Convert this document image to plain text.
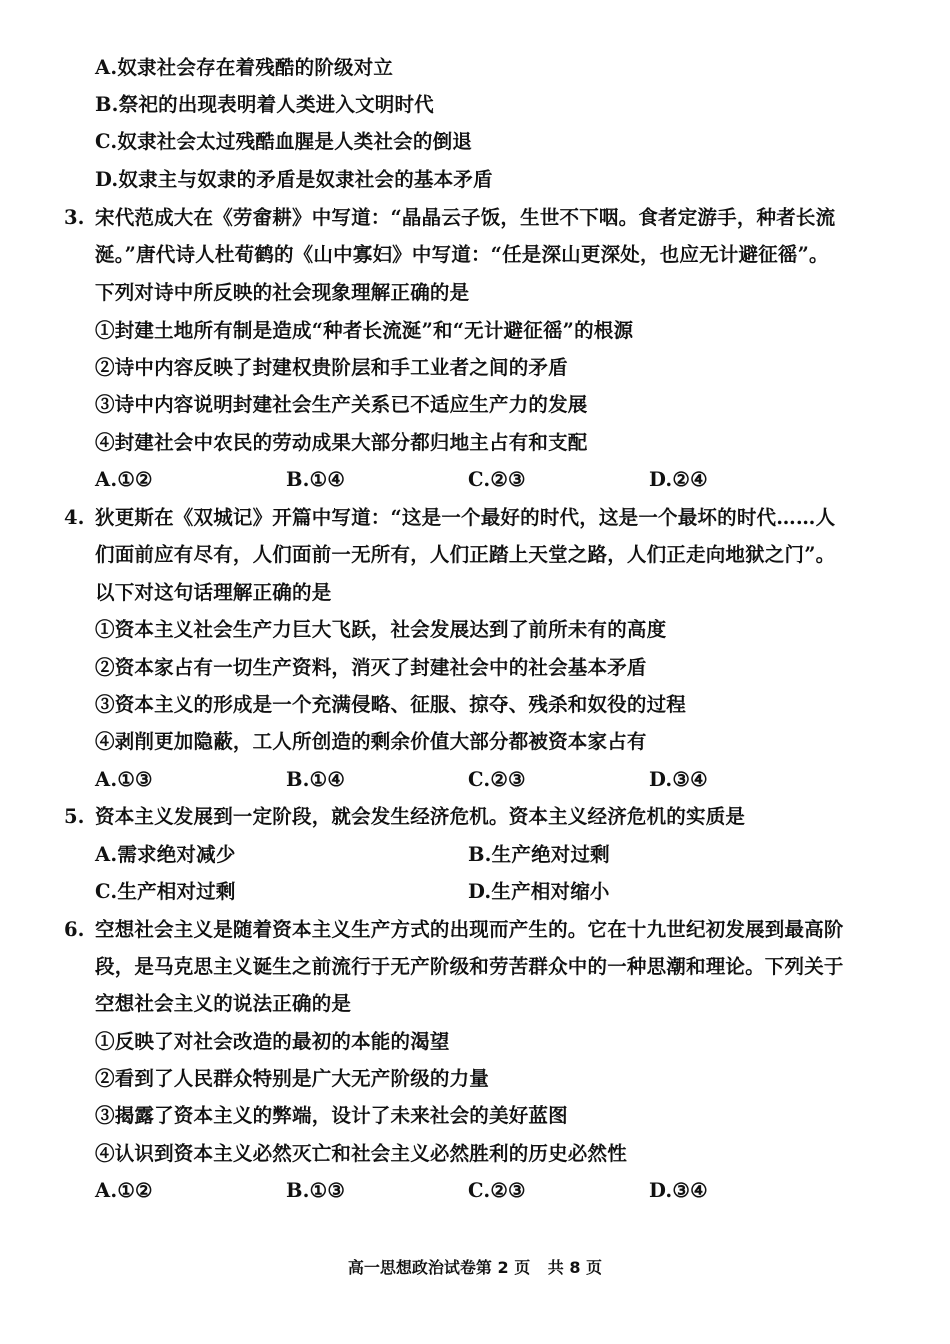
A.奴隶社会存在着残酷的阶级对立
B.祭祀的出现表明着人类进入文明时代
C.奴隶社会太过残酷血腥是人类社会的倒退
D.奴隶主与奴隶的矛盾是奴隶社会的基本矛盾
3. 宋代范成大在《劳畲耕》中写道：“晶晶云子饭，生世不下咽。食者定游手，种者长流
涎。”唐代诗人杜荀鹤的《山中寡妇》中写道：“任是深山更深处，也应无计避征徭”。
下列对诗中所反映的社会现象理解正确的是
①封建土地所有制是造成“种者长流涎”和“无计避征徭”的根源
②诗中内容反映了封建权贵阶层和手工业者之间的矛盾
③诗中内容说明封建社会生产关系已不适应生产力的发展
④封建社会中农民的劳动成果大部分都归地主占有和支配
A.①②	B.①④	C.②③	D.②④
4. 狄更斯在《双城记》开篇中写道：“这是一个最好的时代，这是一个最坏的时代……人
们面前应有尽有，人们面前一无所有，人们正踏上天堂之路，人们正走向地狱之门”。
以下对这句话理解正确的是
①资本主义社会生产力巨大飞跃，社会发展达到了前所未有的高度
②资本家占有一切生产资料，消灭了封建社会中的社会基本矛盾
③资本主义的形成是一个充满侵略、征服、掠夺、残杀和奴役的过程
④剥削更加隐蔽，工人所创造的剩余价值大部分都被资本家占有
A.①③	B.①④	C.②③	D.③④
5. 资本主义发展到一定阶段，就会发生经济危机。资本主义经济危机的实质是
A.需求绝对减少	B.生产绝对过剩
C.生产相对过剩	D.生产相对缩小
6. 空想社会主义是随着资本主义生产方式的出现而产生的。它在十九世纪初发展到最高阶
段，是马克思主义诞生之前流行于无产阶级和劳苦群众中的一种思潮和理论。下列关于
空想社会主义的说法正确的是
①反映了对社会改造的最初的本能的渴望
②看到了人民群众特别是广大无产阶级的力量
③揭露了资本主义的弊端，设计了未来社会的美好蓝图
④认识到资本主义必然灭亡和社会主义必然胜利的历史必然性
A.①②	B.①③	C.②③	D.③④
高一思想政治试卷第 2 页 共 8 页
